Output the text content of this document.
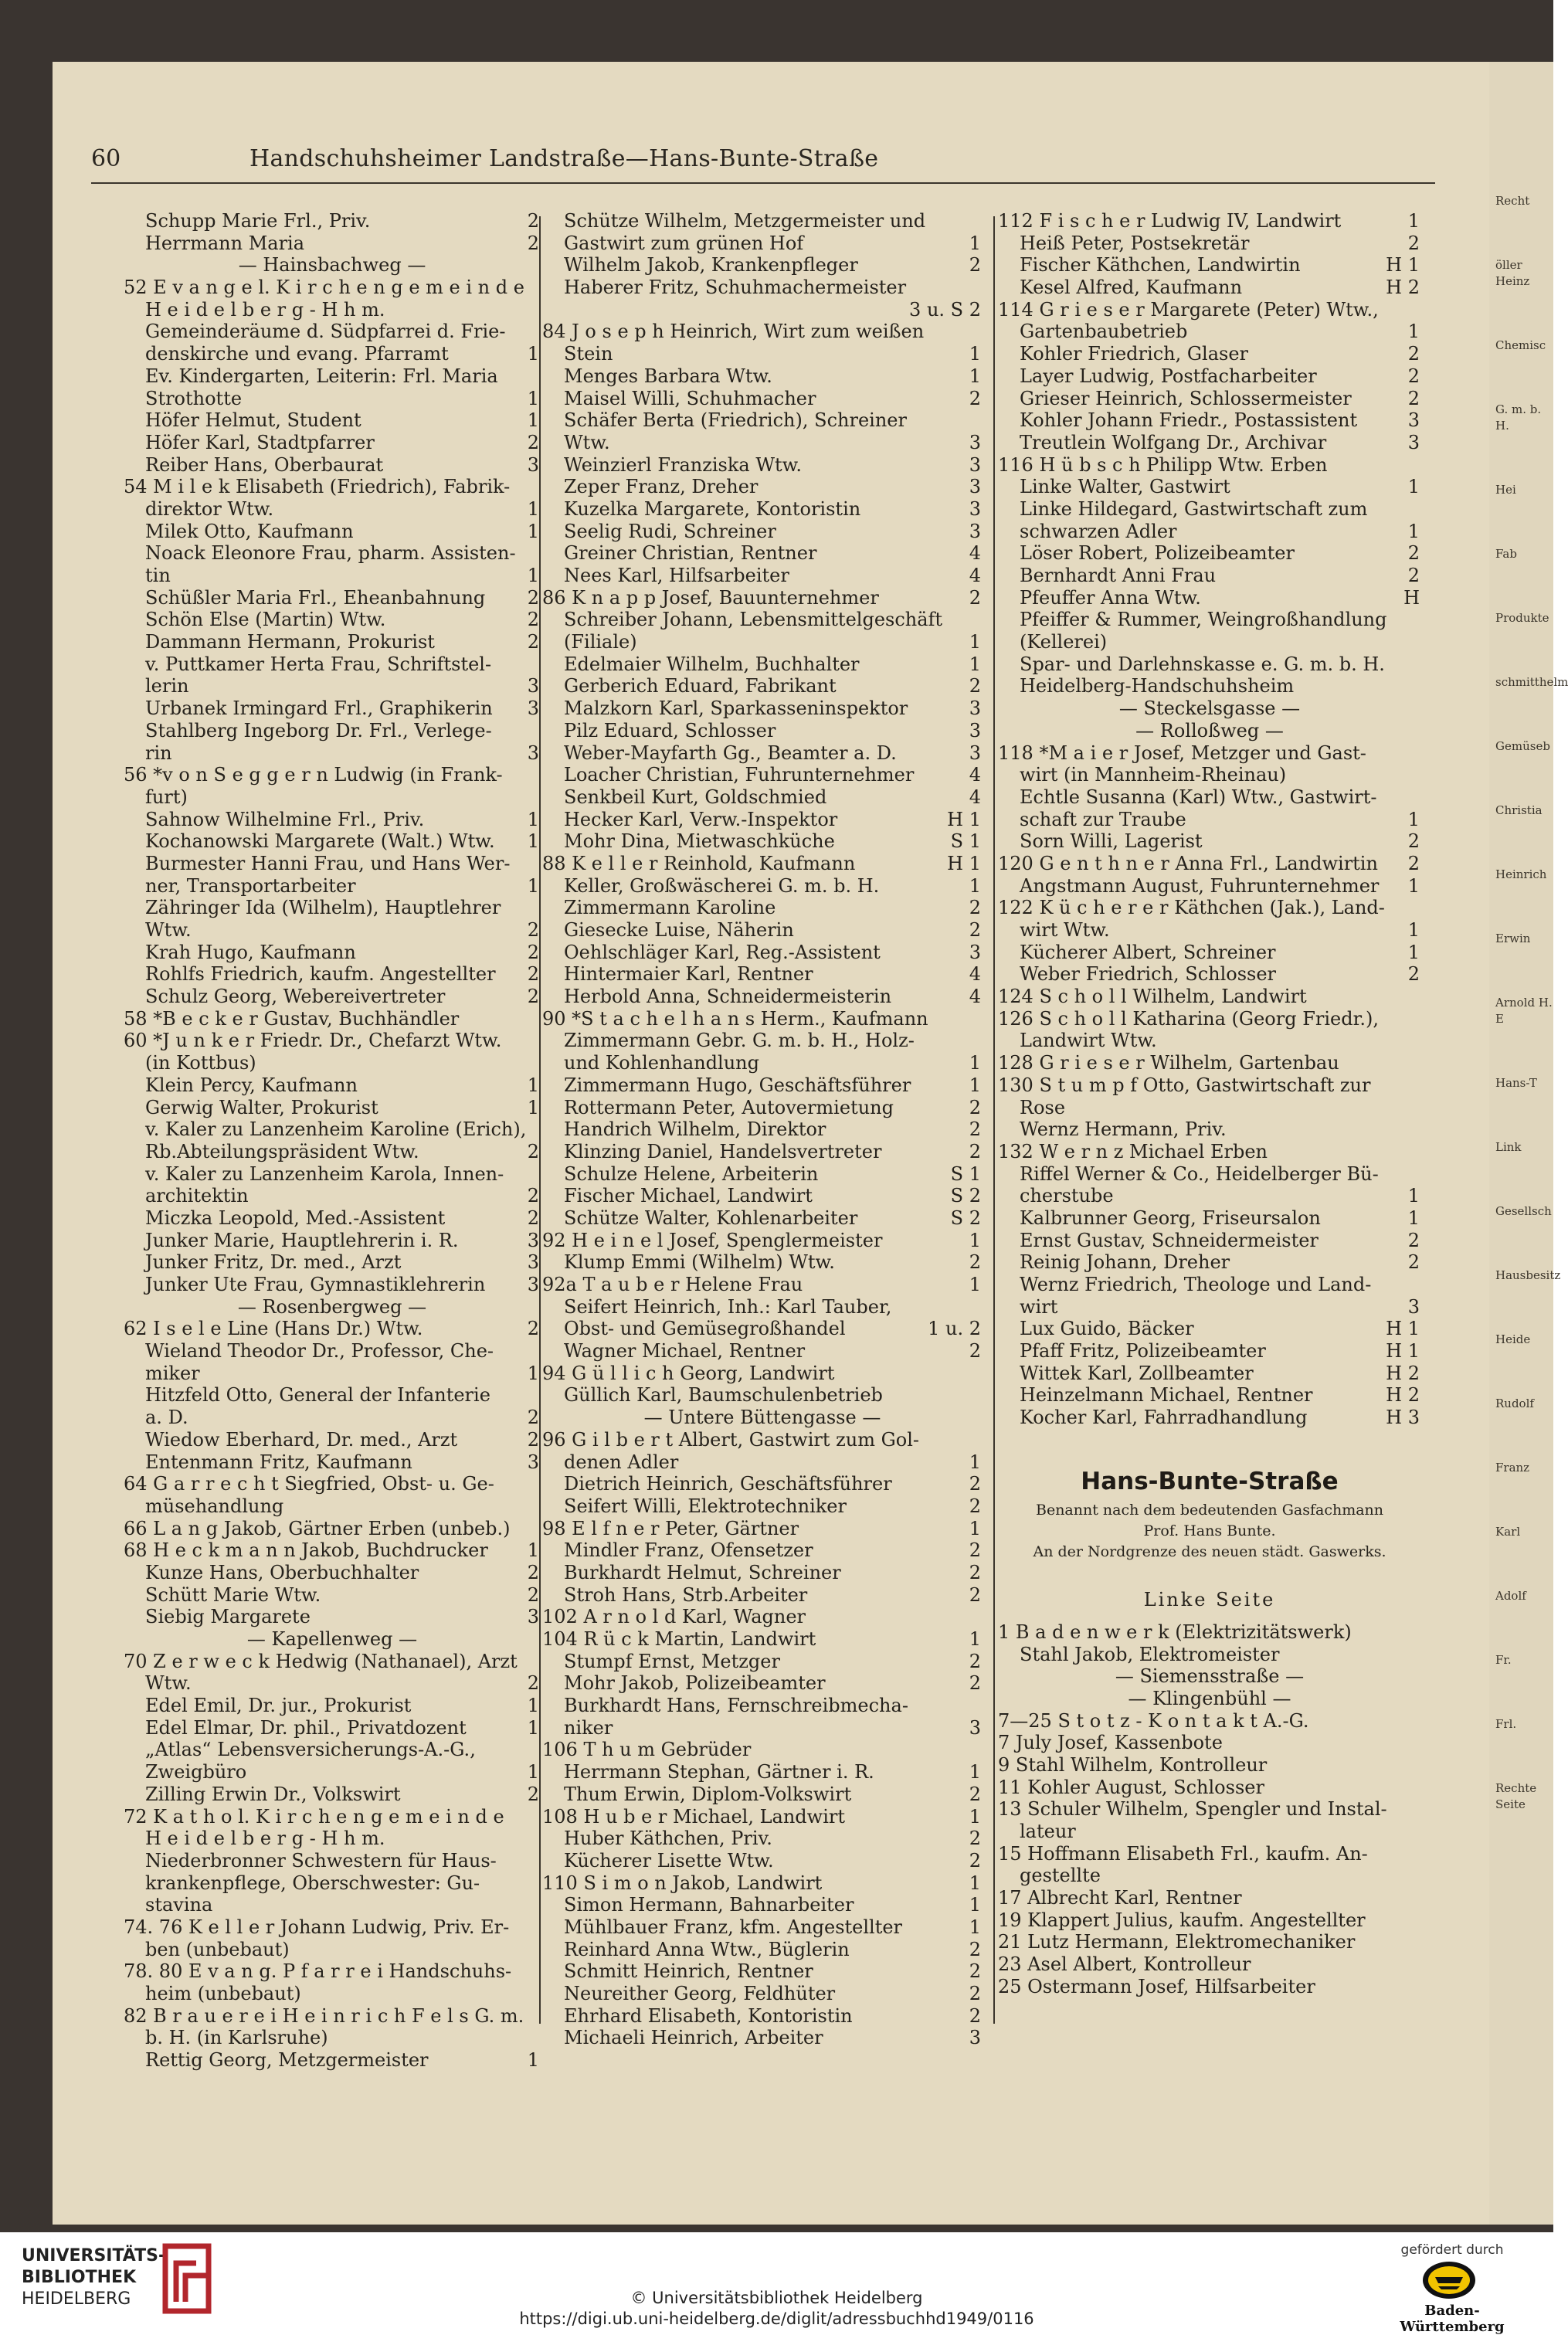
60	Handschuhsheimer Landstraße—Hans-Bunte-Straße
Schupp Marie Frl., Priv.	2
Herrmann Maria	2
— Hainsbachweg —
52 E v a n g e l. K i r c h e n g e m e i n d e
H e i d e l b e r g - H h m.
Gemeinderäume d. Südpfarrei d. Frie-
denskirche und evang. Pfarramt	1
Ev. Kindergarten, Leiterin: Frl. Maria
Strothotte	1
Höfer Helmut, Student	1
Höfer Karl, Stadtpfarrer	2
Reiber Hans, Oberbaurat	3
54 M i l e k Elisabeth (Friedrich), Fabrik-
direktor Wtw.	1
Milek Otto, Kaufmann	1
Noack Eleonore Frau, pharm. Assisten-
tin	1
Schüßler Maria Frl., Eheanbahnung	2
Schön Else (Martin) Wtw.	2
Dammann Hermann, Prokurist	2
v. Puttkamer Herta Frau, Schriftstel-
lerin	3
Urbanek Irmingard Frl., Graphikerin	3
Stahlberg Ingeborg Dr. Frl., Verlege-
rin	3
56 *v o n S e g g e r n Ludwig (in Frank-
furt)
Sahnow Wilhelmine Frl., Priv.	1
Kochanowski Margarete (Walt.) Wtw.	1
Burmester Hanni Frau, und Hans Wer-
ner, Transportarbeiter	1
Zähringer Ida (Wilhelm), Hauptlehrer
Wtw.	2
Krah Hugo, Kaufmann	2
Rohlfs Friedrich, kaufm. Angestellter	2
Schulz Georg, Webereivertreter	2
58 *B e c k e r Gustav, Buchhändler
60 *J u n k e r Friedr. Dr., Chefarzt Wtw.
(in Kottbus)
Klein Percy, Kaufmann	1
Gerwig Walter, Prokurist	1
v. Kaler zu Lanzenheim Karoline (Erich),
Rb.Abteilungspräsident Wtw.	2
v. Kaler zu Lanzenheim Karola, Innen-
architektin	2
Miczka Leopold, Med.-Assistent	2
Junker Marie, Hauptlehrerin i. R.	3
Junker Fritz, Dr. med., Arzt	3
Junker Ute Frau, Gymnastiklehrerin	3
— Rosenbergweg —
62 I s e l e Line (Hans Dr.) Wtw.	2
Wieland Theodor Dr., Professor, Che-
miker	1
Hitzfeld Otto, General der Infanterie
a. D.	2
Wiedow Eberhard, Dr. med., Arzt	2
Entenmann Fritz, Kaufmann	3
64 G a r r e c h t Siegfried, Obst- u. Ge-
müsehandlung
66 L a n g Jakob, Gärtner Erben (unbeb.)
68 H e c k m a n n Jakob, Buchdrucker	1
Kunze Hans, Oberbuchhalter	2
Schütt Marie Wtw.	2
Siebig Margarete	3
— Kapellenweg —
70 Z e r w e c k Hedwig (Nathanael), Arzt
Wtw.	2
Edel Emil, Dr. jur., Prokurist	1
Edel Elmar, Dr. phil., Privatdozent	1
„Atlas“ Lebensversicherungs-A.-G.,
Zweigbüro	1
Zilling Erwin Dr., Volkswirt	2
72 K a t h o l. K i r c h e n g e m e i n d e
H e i d e l b e r g - H h m.
Niederbronner Schwestern für Haus-
krankenpflege, Oberschwester: Gu-
stavina
74. 76 K e l l e r Johann Ludwig, Priv. Er-
ben (unbebaut)
78. 80 E v a n g. P f a r r e i Handschuhs-
heim (unbebaut)
82 B r a u e r e i H e i n r i c h F e l s G. m.
b. H. (in Karlsruhe)
Rettig Georg, Metzgermeister	1
Schütze Wilhelm, Metzgermeister und
Gastwirt zum grünen Hof	1
Wilhelm Jakob, Krankenpfleger	2
Haberer Fritz, Schuhmachermeister
3 u. S 2
84 J o s e p h Heinrich, Wirt zum weißen
Stein	1
Menges Barbara Wtw.	1
Maisel Willi, Schuhmacher	2
Schäfer Berta (Friedrich), Schreiner
Wtw.	3
Weinzierl Franziska Wtw.	3
Zeper Franz, Dreher	3
Kuzelka Margarete, Kontoristin	3
Seelig Rudi, Schreiner	3
Greiner Christian, Rentner	4
Nees Karl, Hilfsarbeiter	4
86 K n a p p Josef, Bauunternehmer	2
Schreiber Johann, Lebensmittelgeschäft
(Filiale)	1
Edelmaier Wilhelm, Buchhalter	1
Gerberich Eduard, Fabrikant	2
Malzkorn Karl, Sparkasseninspektor	3
Pilz Eduard, Schlosser	3
Weber-Mayfarth Gg., Beamter a. D.	3
Loacher Christian, Fuhrunternehmer	4
Senkbeil Kurt, Goldschmied	4
Hecker Karl, Verw.-Inspektor	H 1
Mohr Dina, Mietwaschküche	S 1
88 K e l l e r Reinhold, Kaufmann	H 1
Keller, Großwäscherei G. m. b. H.	1
Zimmermann Karoline	2
Giesecke Luise, Näherin	2
Oehlschläger Karl, Reg.-Assistent	3
Hintermaier Karl, Rentner	4
Herbold Anna, Schneidermeisterin	4
90 *S t a c h e l h a n s Herm., Kaufmann
Zimmermann Gebr. G. m. b. H., Holz-
und Kohlenhandlung	1
Zimmermann Hugo, Geschäftsführer	1
Rottermann Peter, Autovermietung	2
Handrich Wilhelm, Direktor	2
Klinzing Daniel, Handelsvertreter	2
Schulze Helene, Arbeiterin	S 1
Fischer Michael, Landwirt	S 2
Schütze Walter, Kohlenarbeiter	S 2
92 H e i n e l Josef, Spenglermeister	1
Klump Emmi (Wilhelm) Wtw.	2
92a T a u b e r Helene Frau	1
Seifert Heinrich, Inh.: Karl Tauber,
Obst- und Gemüsegroßhandel	1 u. 2
Wagner Michael, Rentner	2
94 G ü l l i c h Georg, Landwirt
Güllich Karl, Baumschulenbetrieb
— Untere Büttengasse —
96 G i l b e r t Albert, Gastwirt zum Gol-
denen Adler	1
Dietrich Heinrich, Geschäftsführer	2
Seifert Willi, Elektrotechniker	2
98 E l f n e r Peter, Gärtner	1
Mindler Franz, Ofensetzer	2
Burkhardt Helmut, Schreiner	2
Stroh Hans, Strb.Arbeiter	2
102 A r n o l d Karl, Wagner
104 R ü c k Martin, Landwirt	1
Stumpf Ernst, Metzger	2
Mohr Jakob, Polizeibeamter	2
Burkhardt Hans, Fernschreibmecha-
niker	3
106 T h u m Gebrüder
Herrmann Stephan, Gärtner i. R.	1
Thum Erwin, Diplom-Volkswirt	2
108 H u b e r Michael, Landwirt	1
Huber Käthchen, Priv.	2
Kücherer Lisette Wtw.	2
110 S i m o n Jakob, Landwirt	1
Simon Hermann, Bahnarbeiter	1
Mühlbauer Franz, kfm. Angestellter	1
Reinhard Anna Wtw., Büglerin	2
Schmitt Heinrich, Rentner	2
Neureither Georg, Feldhüter	2
Ehrhard Elisabeth, Kontoristin	2
Michaeli Heinrich, Arbeiter	3
112 F i s c h e r Ludwig IV, Landwirt	1
Heiß Peter, Postsekretär	2
Fischer Käthchen, Landwirtin	H 1
Kesel Alfred, Kaufmann	H 2
114 G r i e s e r Margarete (Peter) Wtw.,
Gartenbaubetrieb	1
Kohler Friedrich, Glaser	2
Layer Ludwig, Postfacharbeiter	2
Grieser Heinrich, Schlossermeister	2
Kohler Johann Friedr., Postassistent	3
Treutlein Wolfgang Dr., Archivar	3
116 H ü b s c h Philipp Wtw. Erben
Linke Walter, Gastwirt	1
Linke Hildegard, Gastwirtschaft zum
schwarzen Adler	1
Löser Robert, Polizeibeamter	2
Bernhardt Anni Frau	2
Pfeuffer Anna Wtw.	H
Pfeiffer & Rummer, Weingroßhandlung
(Kellerei)
Spar- und Darlehnskasse e. G. m. b. H.
Heidelberg-Handschuhsheim
— Steckelsgasse —
— Rolloßweg —
118 *M a i e r Josef, Metzger und Gast-
wirt (in Mannheim-Rheinau)
Echtle Susanna (Karl) Wtw., Gastwirt-
schaft zur Traube	1
Sorn Willi, Lagerist	2
120 G e n t h n e r Anna Frl., Landwirtin	2
Angstmann August, Fuhrunternehmer	1
122 K ü c h e r e r Käthchen (Jak.), Land-
wirt Wtw.	1
Kücherer Albert, Schreiner	1
Weber Friedrich, Schlosser	2
124 S c h o l l Wilhelm, Landwirt
126 S c h o l l Katharina (Georg Friedr.),
Landwirt Wtw.
128 G r i e s e r Wilhelm, Gartenbau
130 S t u m p f Otto, Gastwirtschaft zur
Rose
Wernz Hermann, Priv.
132 W e r n z Michael Erben
Riffel Werner & Co., Heidelberger Bü-
cherstube	1
Kalbrunner Georg, Friseursalon	1
Ernst Gustav, Schneidermeister	2
Reinig Johann, Dreher	2
Wernz Friedrich, Theologe und Land-
wirt	3
Lux Guido, Bäcker	H 1
Pfaff Fritz, Polizeibeamter	H 1
Wittek Karl, Zollbeamter	H 2
Heinzelmann Michael, Rentner	H 2
Kocher Karl, Fahrradhandlung	H 3
Hans-Bunte-Straße
Benannt nach dem bedeutenden Gasfachmann
Prof. Hans Bunte.
An der Nordgrenze des neuen städt. Gaswerks.
Linke Seite
1 B a d e n w e r k (Elektrizitätswerk)
Stahl Jakob, Elektromeister
— Siemensstraße —
— Klingenbühl —
7—25 S t o t z - K o n t a k t A.-G.
7 July Josef, Kassenbote
9 Stahl Wilhelm, Kontrolleur
11 Kohler August, Schlosser
13 Schuler Wilhelm, Spengler und Instal-
lateur
15 Hoffmann Elisabeth Frl., kaufm. An-
gestellte
17 Albrecht Karl, Rentner
19 Klappert Julius, kaufm. Angestellter
21 Lutz Hermann, Elektromechaniker
23 Asel Albert, Kontrolleur
25 Ostermann Josef, Hilfsarbeiter
Recht
öller Heinz
Chemisc
G. m. b. H.
Hei
Fab
Produkte
schmitthelm
Gemüseb
Christia
Heinrich
Erwin
Arnold H. E
Hans-T
Link
Gesellsch
Hausbesitz
Heide
Rudolf
Franz
Karl
Adolf
Fr.
Frl.
Rechte Seite
UNIVERSITÄTS-
BIBLIOTHEK
HEIDELBERG	© Universitätsbibliothek Heidelberg
https://digi.ub.uni-heidelberg.de/diglit/adressbuchhd1949/0116
gefördert durch
Baden-Württemberg
